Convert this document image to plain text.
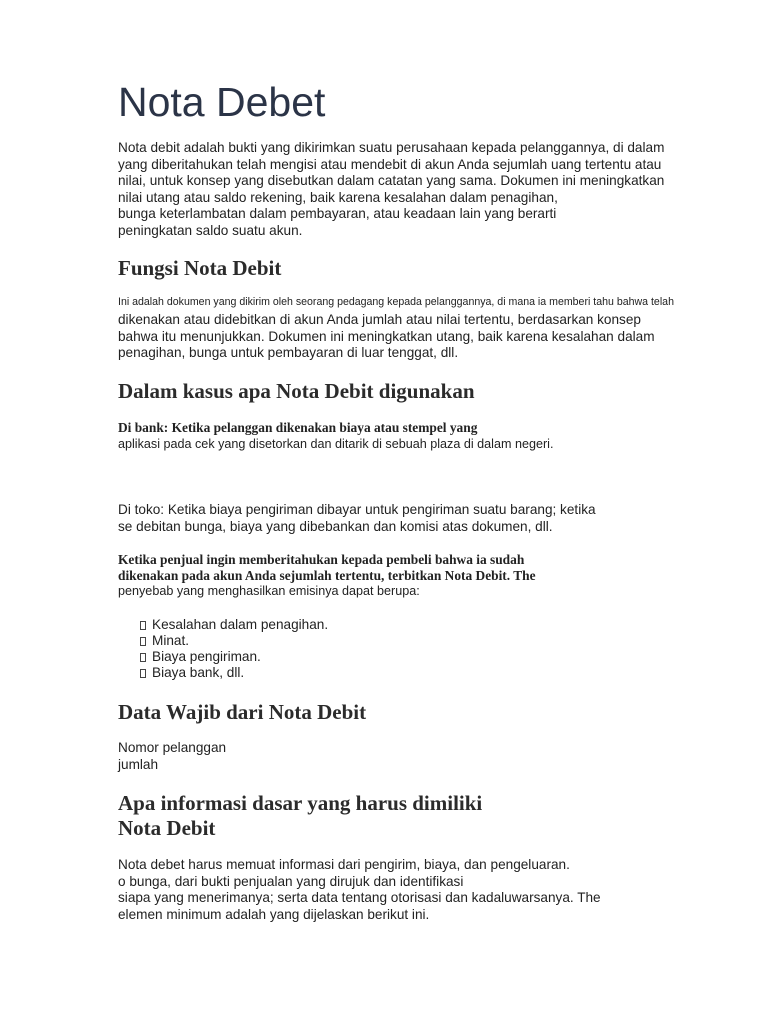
Nota Debet
Nota debit adalah bukti yang dikirimkan suatu perusahaan kepada pelanggannya, di dalam
yang diberitahukan telah mengisi atau mendebit di akun Anda sejumlah uang tertentu atau
nilai, untuk konsep yang disebutkan dalam catatan yang sama. Dokumen ini meningkatkan
nilai utang atau saldo rekening, baik karena kesalahan dalam penagihan,
bunga keterlambatan dalam pembayaran, atau keadaan lain yang berarti
peningkatan saldo suatu akun.
Fungsi Nota Debit
Ini adalah dokumen yang dikirim oleh seorang pedagang kepada pelanggannya, di mana ia memberi tahu bahwa telah
dikenakan atau didebitkan di akun Anda jumlah atau nilai tertentu, berdasarkan konsep
bahwa itu menunjukkan. Dokumen ini meningkatkan utang, baik karena kesalahan dalam
penagihan, bunga untuk pembayaran di luar tenggat, dll.
Dalam kasus apa Nota Debit digunakan
Di bank: Ketika pelanggan dikenakan biaya atau stempel yang
aplikasi pada cek yang disetorkan dan ditarik di sebuah plaza di dalam negeri.
Di toko: Ketika biaya pengiriman dibayar untuk pengiriman suatu barang; ketika
se debitan bunga, biaya yang dibebankan dan komisi atas dokumen, dll.
Ketika penjual ingin memberitahukan kepada pembeli bahwa ia sudah
dikenakan pada akun Anda sejumlah tertentu, terbitkan Nota Debit. The
penyebab yang menghasilkan emisinya dapat berupa:
Kesalahan dalam penagihan.
Minat.
Biaya pengiriman.
Biaya bank, dll.
Data Wajib dari Nota Debit
Nomor pelanggan
jumlah
Apa informasi dasar yang harus dimiliki
Nota Debit
Nota debet harus memuat informasi dari pengirim, biaya, dan pengeluaran.
o bunga, dari bukti penjualan yang dirujuk dan identifikasi
siapa yang menerimanya; serta data tentang otorisasi dan kadaluwarsanya. The
elemen minimum adalah yang dijelaskan berikut ini.
